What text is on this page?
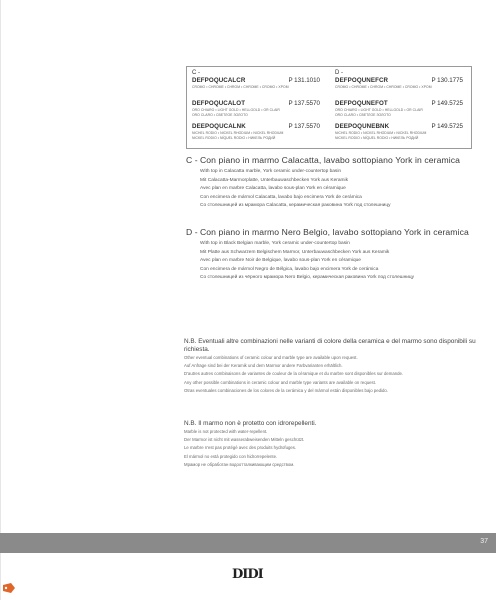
C -
DEFPOQUCALCR	P 131.1010
CROMO • CHROME • CHROM • CHROME • CROMO • XPOM
DEFPOQUCALOT	P 137.5570
ORO CHIARO • LIGHT GOLD • HELLGOLD • OR CLAIR
ORO CLARO • СВЕТЛОЕ ЗОЛОТО
DEEPOQUCALNK	P 137.5570
NICHEL RODIO • NICKEL RHODIUM • NICKEL RHODIUM
NICKEL RODIO • NÍQUEL RODIO • НИКЕЛЬ РОДИЙ
D -
DEFPOQUNEFCR	P 130.1775
CROMO • CHROME • CHROM • CHROME • CROMO • XPOM
DEFPOQUNEFOT	P 149.5725
ORO CHIARO • LIGHT GOLD • HELLGOLD • OR CLAIR
ORO CLARO • СВЕТЛОЕ ЗОЛОТО
DEEPOQUNEBNK	P 149.5725
NICHEL RODIO • NICKEL RHODIUM • NICKEL RHODIUM
NICKEL RODIO • NÍQUEL RODIO • НИКЕЛЬ РОДИЙ
C - Con piano in marmo Calacatta, lavabo sottopiano York in ceramica
With top in Calacatta marble, York ceramic under-countertop basin
Mit Calacatta-Marmorplatte, Unterbauwaschbecken York aus Keramik
Avec plan en marbre Calacatta, lavabo sous-plan York en céramique
Con encimera de mármol Calacatta, lavabo bajo encimera York de cerámica
Со столешницей из мрамора Calacatta, керамическая раковина York под столешницу
D - Con piano in marmo Nero Belgio, lavabo sottopiano York in ceramica
With top in Black Belgian marble, York ceramic under-countertop basin
Mit Platte aus Schwarzem Belgischem Marmor, Unterbauwaschbecken York aus Keramik
Avec plan en marbre Noir de Belgique, lavabo sous-plan York en céramique
Con encimera de mármol Negro de Bélgica, lavabo bajo encimera York de cerámica
Со столешницей из чёрного мрамора Nero Belgio, керамическая раковина York под столешницу
N.B. Eventuali altre combinazioni nelle varianti di colore della ceramica e del marmo sono disponibili su richiesta.
Other eventual combinations of ceramic colour and marble type are available upon request.
Auf Anfrage sind bei der Keramik und dem Marmor andere Farbvarianten erhältlich.
D'autres autres combinaisons de variantes de couleur de la céramique et du marbre sont disponibles sur demande.
Any other possible combinations in ceramic colour and marble type variants are available on request.
Otras eventuales combinaciones de los colores de la cerámica y del mármol están disponibles bajo pedido.
N.B. Il marmo non è protetto con idrorepellenti.
Marble is not protected with water-repellent.
Der Marmor ist nicht mit wasserabweisenden Mitteln geschützt.
Le marbre n'est pas protégé avec des produits hydrofuges.
El mármol no está protegido con hidrorrepelente.
Мрамор не обработан водоотталкивающим средством.
37
DIDI
